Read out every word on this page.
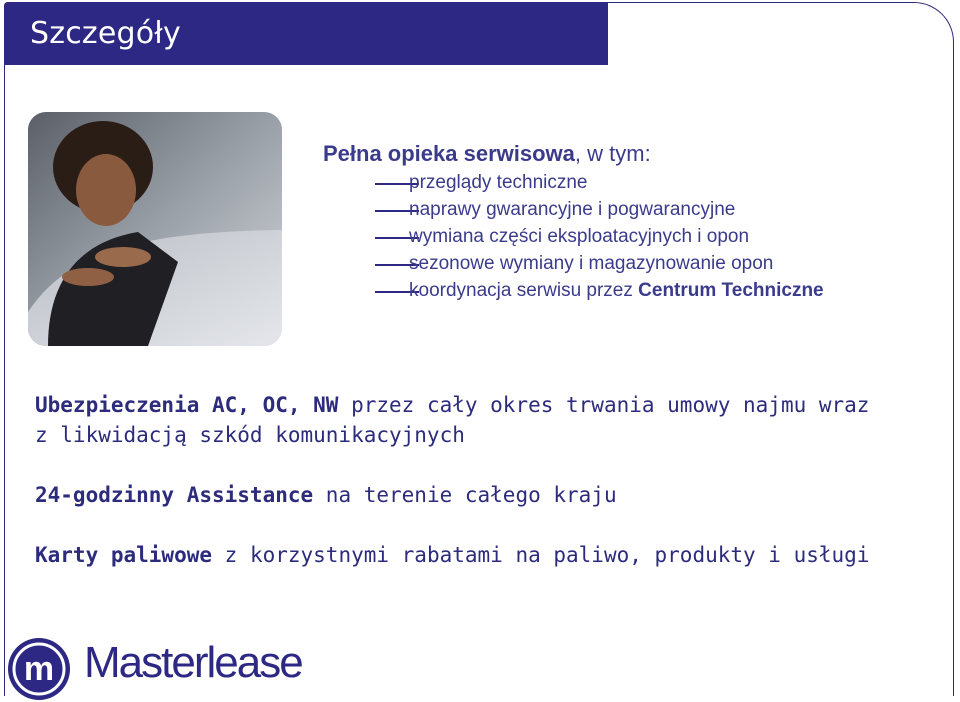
Szczegóły
Pełna opieka serwisowa, w tym:
przeglądy techniczne
naprawy gwarancyjne i pogwarancyjne
wymiana części eksploatacyjnych i opon
sezonowe wymiany i magazynowanie opon
koordynacja serwisu przez Centrum Techniczne
Ubezpieczenia AC, OC, NW przez cały okres trwania umowy najmu wraz
z likwidacją szkód komunikacyjnych
24-godzinny Assistance na terenie całego kraju
Karty paliwowe z korzystnymi rabatami na paliwo, produkty i usługi
m Masterlease
